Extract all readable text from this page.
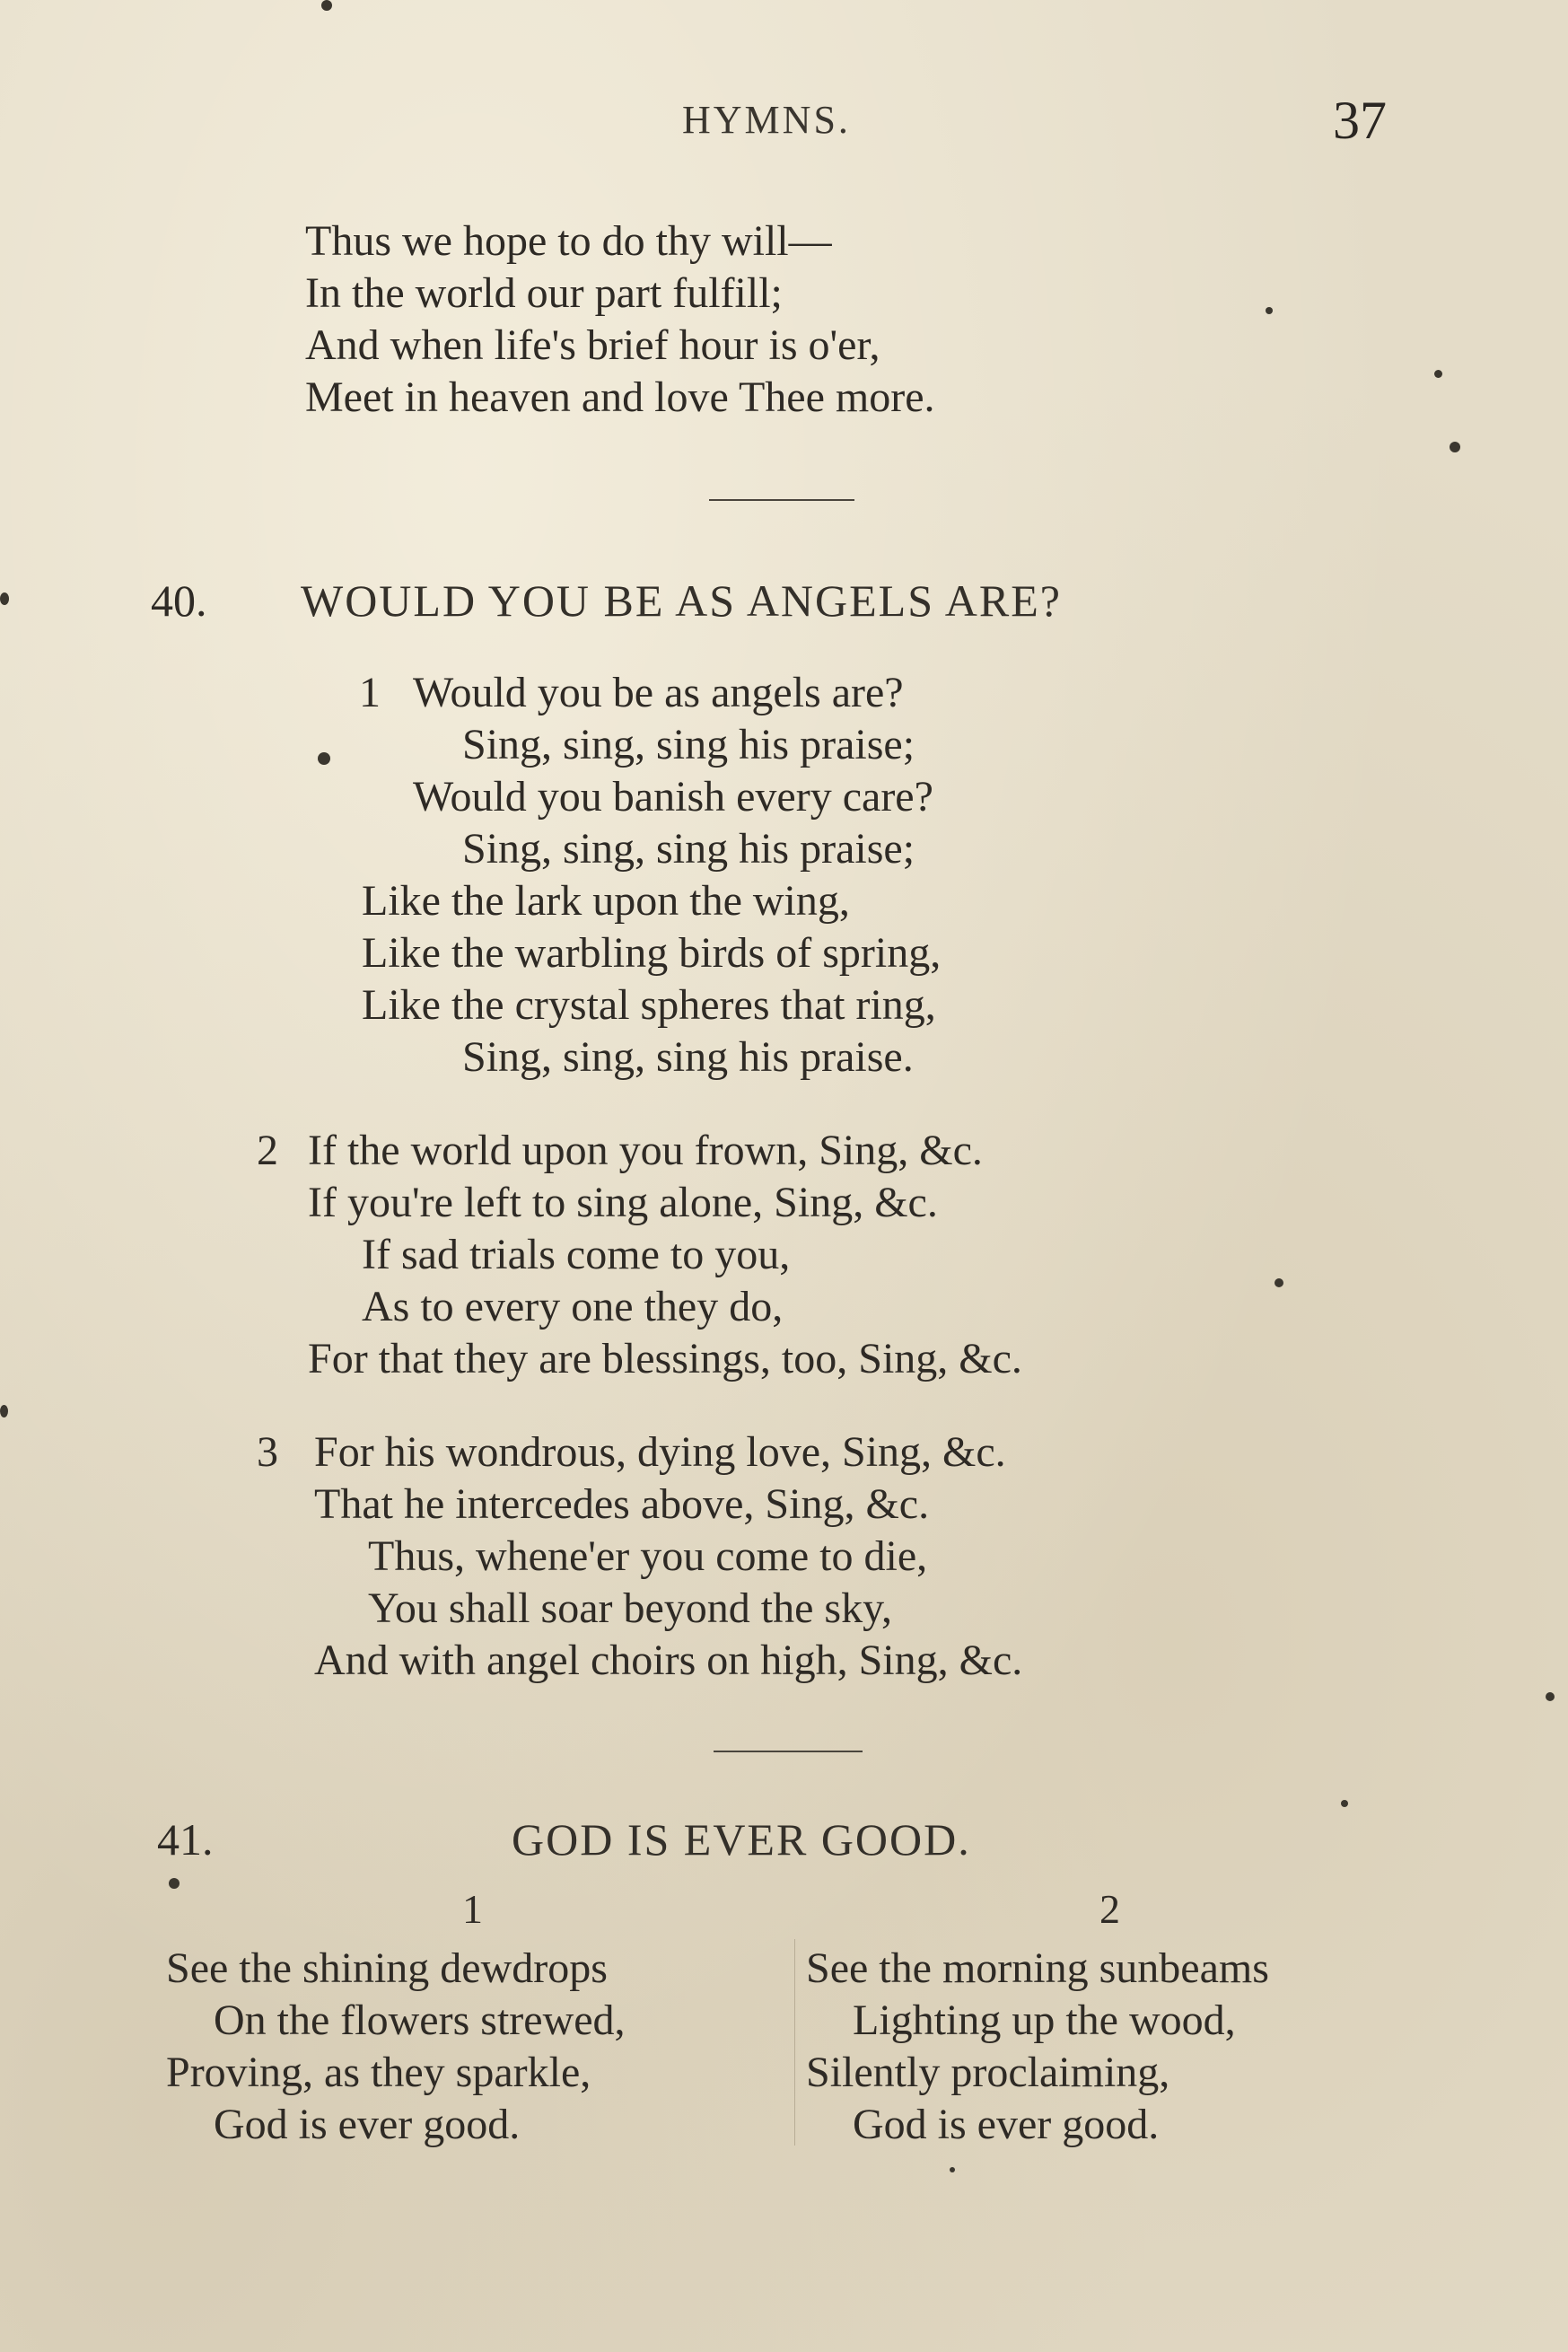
HYMNS.	37
Thus we hope to do thy will—
In the world our part fulfill;
And when life's brief hour is o'er,
Meet in heaven and love Thee more.
40. WOULD YOU BE AS ANGELS ARE?
1 Would you be as angels are?
Sing, sing, sing his praise;
Would you banish every care?
Sing, sing, sing his praise;
Like the lark upon the wing,
Like the warbling birds of spring,
Like the crystal spheres that ring,
Sing, sing, sing his praise.
2 If the world upon you frown, Sing, &c.
If you're left to sing alone, Sing, &c.
If sad trials come to you,
As to every one they do,
For that they are blessings, too, Sing, &c.
3 For his wondrous, dying love, Sing, &c.
That he intercedes above, Sing, &c.
Thus, whene'er you come to die,
You shall soar beyond the sky,
And with angel choirs on high, Sing, &c.
41.	GOD IS EVER GOOD.
1	2
See the shining dewdrops
On the flowers strewed,
Proving, as they sparkle,
God is ever good.
See the morning sunbeams
Lighting up the wood,
Silently proclaiming,
God is ever good.
